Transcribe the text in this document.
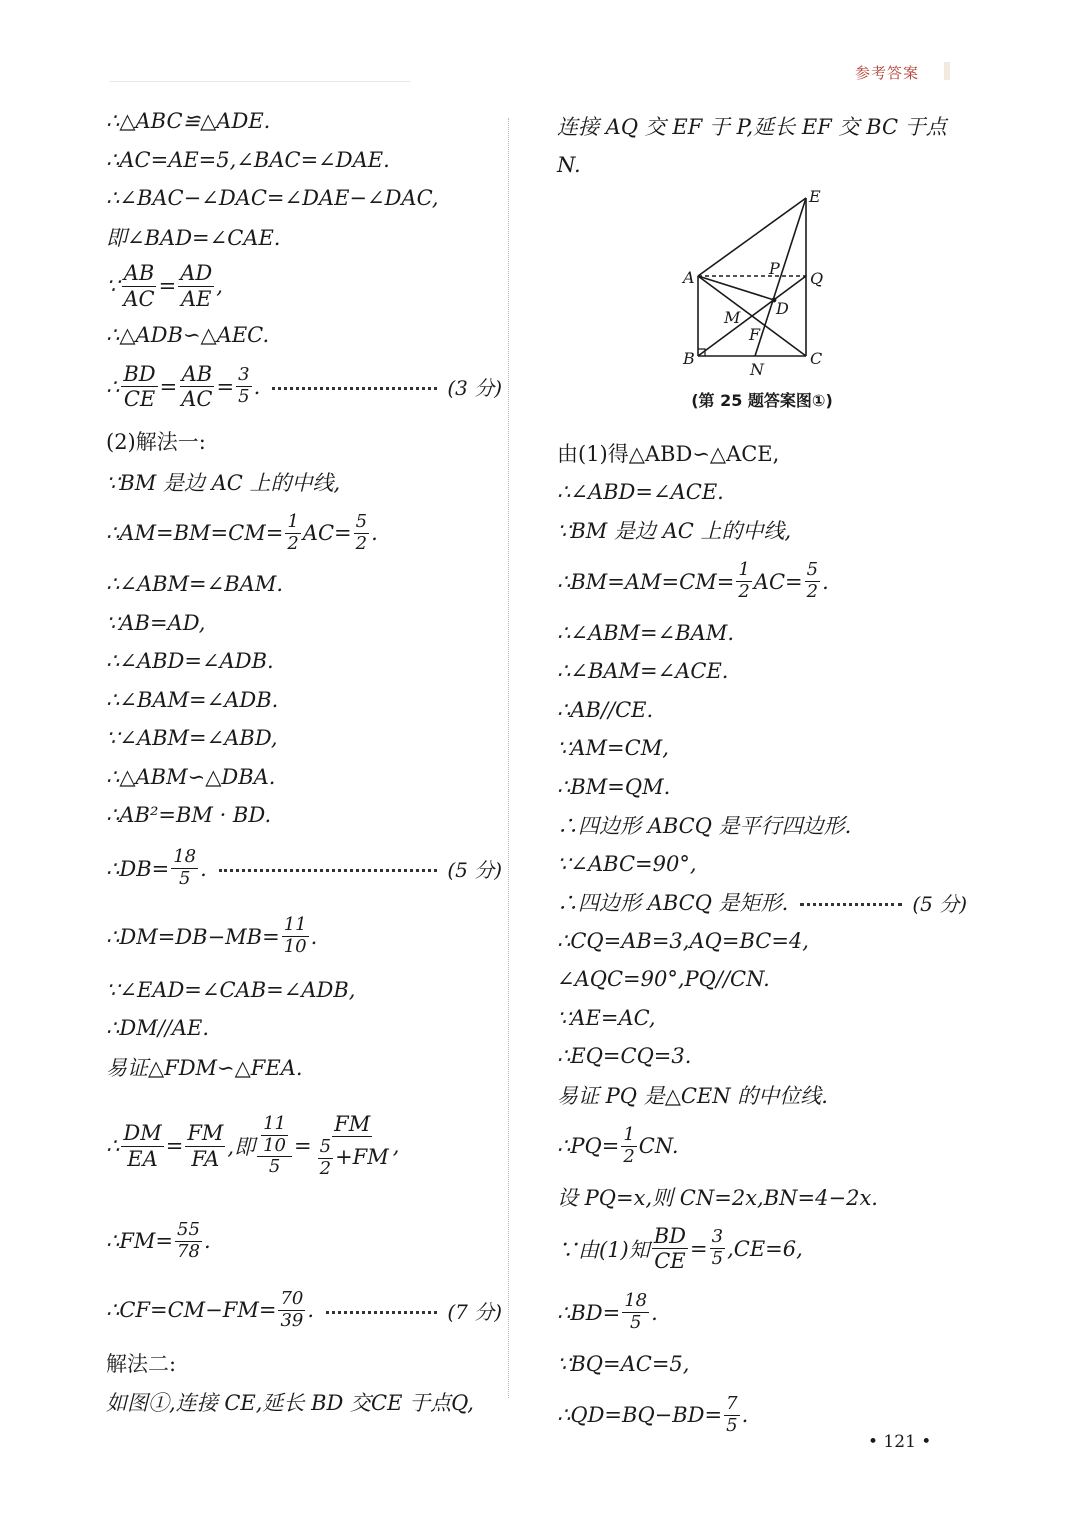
参考答案
∴△ABC≌△ADE.
∴AC=AE=5,∠BAC=∠DAE.
∴∠BAC−∠DAC=∠DAE−∠DAC,
即∠BAD=∠CAE.
∵ $\frac{AB}{AC} = \frac{AD}{AE}$ ,
∴△ADB∽△AEC.
∴ $\frac{BD}{CE} = \frac{AB}{AC} = \frac{3}{5}$ .	(3 分)
(2)解法一:
∵BM 是边 AC 上的中线,
∴AM=BM=CM= $\frac{1}{2} AC= \frac{5}{2}$ .
∴∠ABM=∠BAM.
∵AB=AD,
∴∠ABD=∠ADB.
∴∠BAM=∠ADB.
∵∠ABM=∠ABD,
∴△ABM∽△DBA.
∴AB²=BM · BD.
∴DB= $\frac{18}{5}$ .	(5 分)
∴DM=DB−MB= $\frac{11}{10}$ .
∵∠EAD=∠CAB=∠ADB,
∴DM//AE.
易证△FDM∽△FEA.
∴ $\frac{DM}{EA} = \frac{FM}{FA}$ ,即 $\frac{\frac{11}{10}}{5} = \frac{FM}{\frac{5}{2} +FM}$ ,
∴FM= $\frac{55}{78}$ .
∴CF=CM−FM= $\frac{70}{39}$ .	(7 分)
解法二:
如图①,连接 CE,延长 BD 交CE 于点Q,
连接 AQ 交 EF 于 P,延长 EF 交 BC 于点 N.
E
A	P
Q
D
M
F
B
N
C
(第 25 题答案图①)
由(1)得△ABD∽△ACE,
∴∠ABD=∠ACE.
∵BM 是边 AC 上的中线,
∴BM=AM=CM= $\frac{1}{2} AC= \frac{5}{2}$ .
∴∠ABM=∠BAM.
∴∠BAM=∠ACE.
∴AB//CE.
∵AM=CM,
∴BM=QM.
∴四边形 ABCQ 是平行四边形.
∵∠ABC=90°,
∴四边形 ABCQ 是矩形.	(5 分)
∴CQ=AB=3,AQ=BC=4,
∠AQC=90°,PQ//CN.
∵AE=AC,
∴EQ=CQ=3.
易证 PQ 是△CEN 的中位线.
∴PQ= $\frac{1}{2}$ CN.
设 PQ=x,则 CN=2x,BN=4−2x.
∵由(1)知 $\frac{BD}{CE} = \frac{3}{5} ,CE=6$,
∴BD= $\frac{18}{5}$ .
∵BQ=AC=5,
∴QD=BQ−BD= $\frac{7}{5}$ .
• 121 •
